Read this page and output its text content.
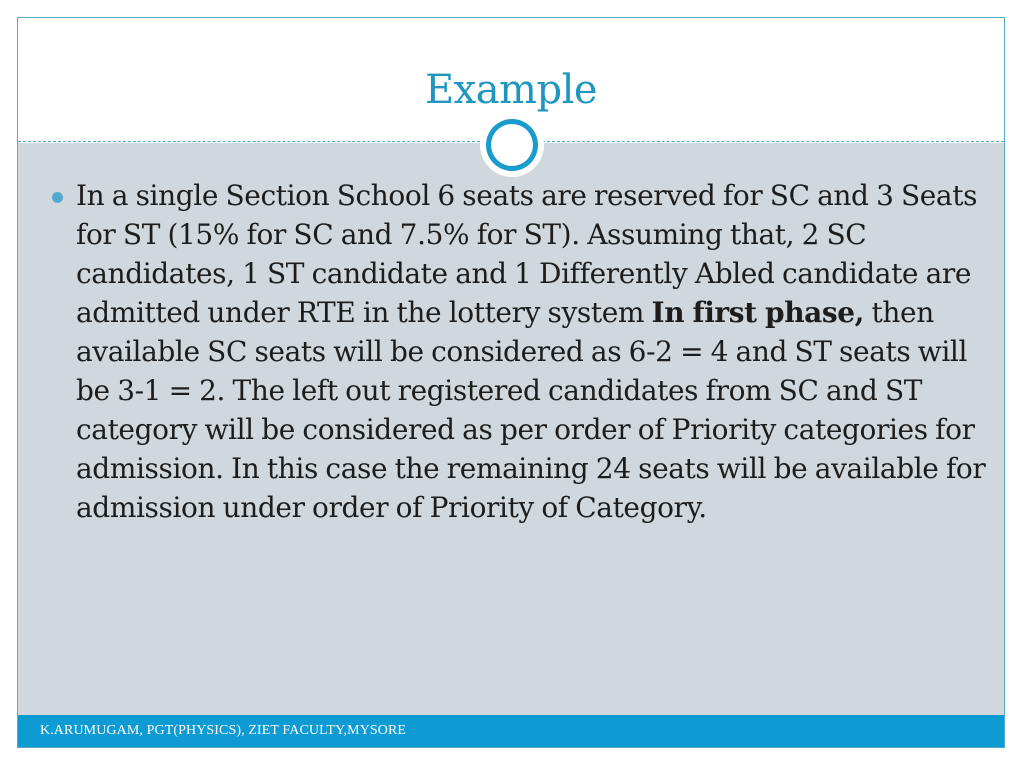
Example
In a single Section School 6 seats are reserved for SC and 3 Seats for ST (15% for SC and 7.5% for ST). Assuming that, 2 SC candidates, 1 ST candidate and 1 Differently Abled candidate are admitted under RTE in the lottery system In first phase, then available SC seats will be considered as 6-2 = 4 and ST seats will be 3-1 = 2. The left out registered candidates from SC and ST category will be considered as per order of Priority categories for admission. In this case the remaining 24 seats will be available for admission under order of Priority of Category.
K.ARUMUGAM, PGT(PHYSICS), ZIET FACULTY,MYSORE
